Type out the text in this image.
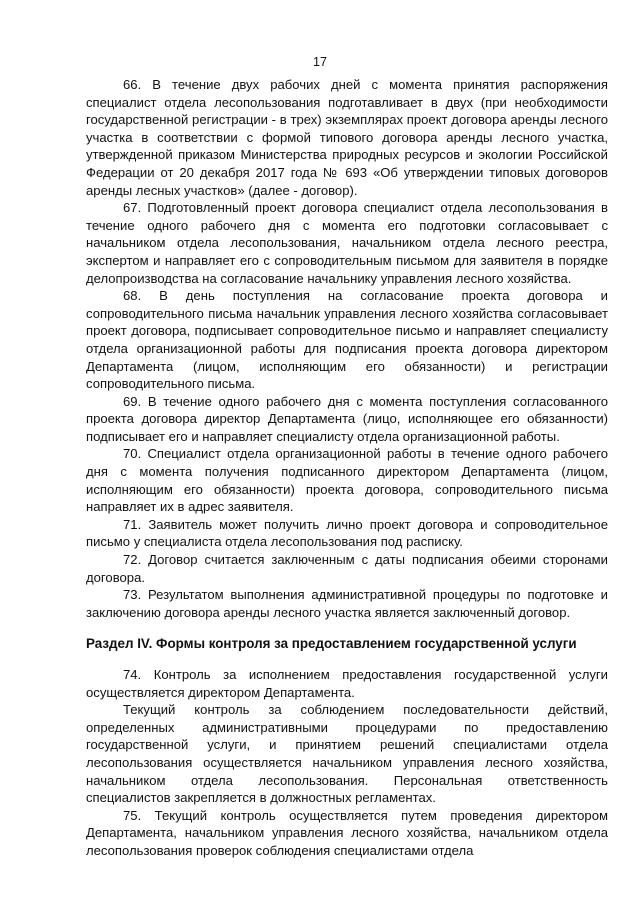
17

66. В течение двух рабочих дней с момента принятия распоряжения специалист отдела лесопользования подготавливает в двух (при необходимости государственной регистрации - в трех) экземплярах проект договора аренды лесного участка в соответствии с формой типового договора аренды лесного участка, утвержденной приказом Министерства природных ресурсов и экологии Российской Федерации от 20 декабря 2017 года № 693 «Об утверждении типовых договоров аренды лесных участков» (далее - договор).

67. Подготовленный проект договора специалист отдела лесопользования в течение одного рабочего дня с момента его подготовки согласовывает с начальником отдела лесопользования, начальником отдела лесного реестра, экспертом и направляет его с сопроводительным письмом для заявителя в порядке делопроизводства на согласование начальнику управления лесного хозяйства.

68. В день поступления на согласование проекта договора и сопроводительного письма начальник управления лесного хозяйства согласовывает проект договора, подписывает сопроводительное письмо и направляет специалисту отдела организационной работы для подписания проекта договора директором Департамента (лицом, исполняющим его обязанности) и регистрации сопроводительного письма.

69. В течение одного рабочего дня с момента поступления согласованного проекта договора директор Департамента (лицо, исполняющее его обязанности) подписывает его и направляет специалисту отдела организационной работы.

70. Специалист отдела организационной работы в течение одного рабочего дня с момента получения подписанного директором Департамента (лицом, исполняющим его обязанности) проекта договора, сопроводительного письма направляет их в адрес заявителя.

71. Заявитель может получить лично проект договора и сопроводительное письмо у специалиста отдела лесопользования под расписку.

72. Договор считается заключенным с даты подписания обеими сторонами договора.

73. Результатом выполнения административной процедуры по подготовке и заключению договора аренды лесного участка является заключенный договор.

Раздел IV. Формы контроля за предоставлением государственной услуги

74. Контроль за исполнением предоставления государственной услуги осуществляется директором Департамента.

Текущий контроль за соблюдением последовательности действий, определенных административными процедурами по предоставлению государственной услуги, и принятием решений специалистами отдела лесопользования осуществляется начальником управления лесного хозяйства, начальником отдела лесопользования. Персональная ответственность специалистов закрепляется в должностных регламентах.

75. Текущий контроль осуществляется путем проведения директором Департамента, начальником управления лесного хозяйства, начальником отдела лесопользования проверок соблюдения специалистами отдела
